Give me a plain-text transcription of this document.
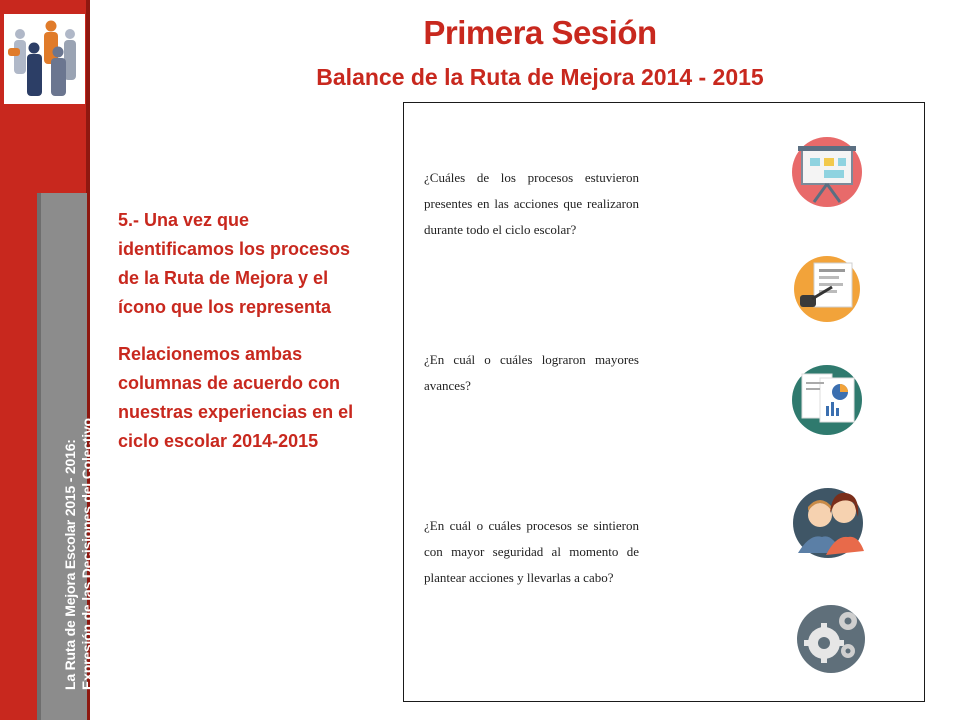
La Ruta de Mejora Escolar 2015 - 2016: Expresión de las Decisiones del Colectivo
Primera Sesión
Balance de la Ruta de Mejora 2014 - 2015

5.- Una vez que identificamos los procesos de la Ruta de Mejora y el ícono que los representa

Relacionemos ambas columnas de acuerdo con nuestras experiencias en el ciclo escolar 2014-2015

¿Cuáles de los procesos estuvieron presentes en las acciones que realizaron durante todo el ciclo escolar?
¿En cuál o cuáles lograron mayores avances?
¿En cuál o cuáles procesos se sintieron con mayor seguridad al momento de plantear acciones y llevarlas a cabo?
